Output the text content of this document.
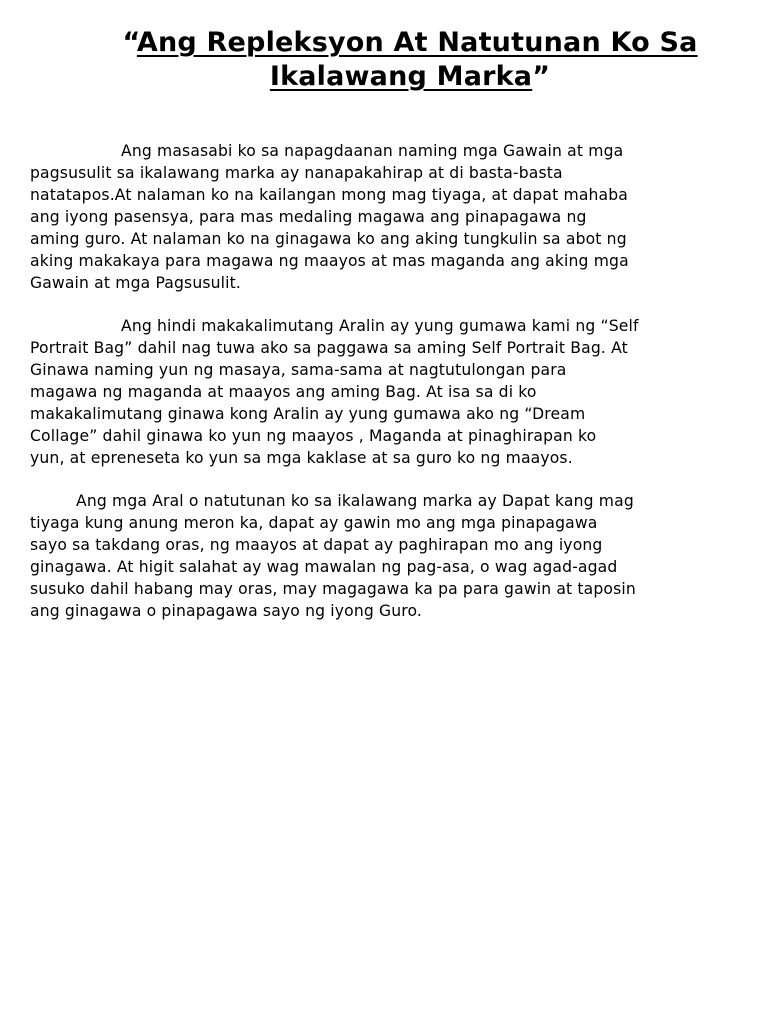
“Ang Repleksyon At Natutunan Ko Sa
Ikalawang Marka”

Ang masasabi ko sa napagdaanan naming mga Gawain at mga
pagsusulit sa ikalawang marka ay nanapakahirap at di basta-basta
natatapos.At nalaman ko na kailangan mong mag tiyaga, at dapat mahaba
ang iyong pasensya, para mas medaling magawa ang pinapagawa ng
aming guro. At nalaman ko na ginagawa ko ang aking tungkulin sa abot ng
aking makakaya para magawa ng maayos at mas maganda ang aking mga
Gawain at mga Pagsusulit.

Ang hindi makakalimutang Aralin ay yung gumawa kami ng “Self
Portrait Bag” dahil nag tuwa ako sa paggawa sa aming Self Portrait Bag. At
Ginawa naming yun ng masaya, sama-sama at nagtutulongan para
magawa ng maganda at maayos ang aming Bag. At isa sa di ko
makakalimutang ginawa kong Aralin ay yung gumawa ako ng “Dream
Collage” dahil ginawa ko yun ng maayos , Maganda at pinaghirapan ko
yun, at epreneseta ko yun sa mga kaklase at sa guro ko ng maayos.

Ang mga Aral o natutunan ko sa ikalawang marka ay Dapat kang mag
tiyaga kung anung meron ka, dapat ay gawin mo ang mga pinapagawa
sayo sa takdang oras, ng maayos at dapat ay paghirapan mo ang iyong
ginagawa. At higit salahat ay wag mawalan ng pag-asa, o wag agad-agad
susuko dahil habang may oras, may magagawa ka pa para gawin at taposin
ang ginagawa o pinapagawa sayo ng iyong Guro.
